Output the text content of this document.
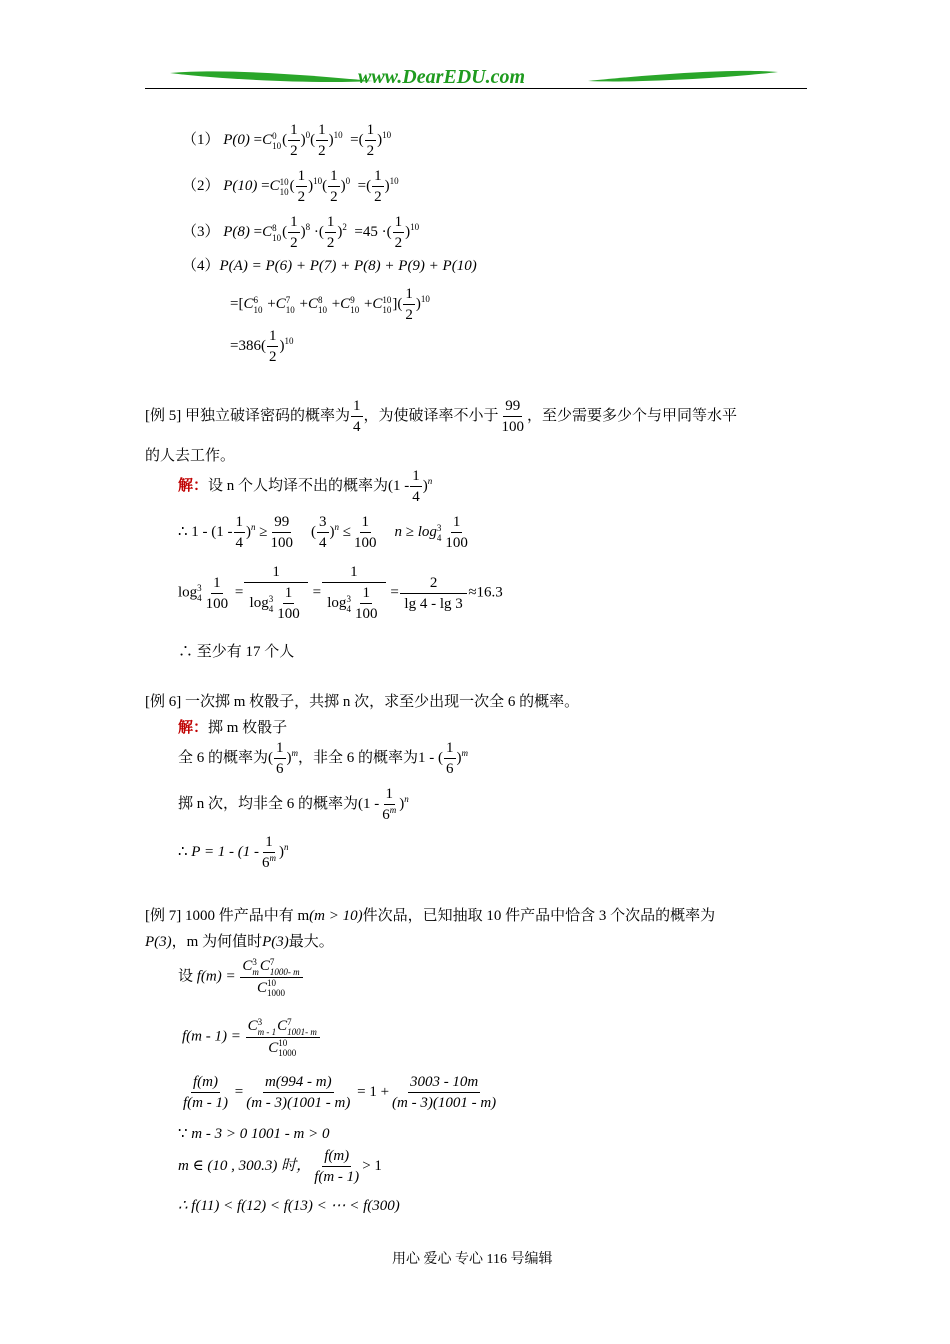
www.DearEDU.com
（1） P(0) =C 0
10 ( $\frac{1}{2} )^0( \frac{1}{2} )^{10}$ =( $\frac{1}{2} )^{10}$
（2） P(10) =C 10
10 ( $\frac{1}{2} )^{10}( \frac{1}{2} )^0$ =( $\frac{1}{2} )^{10}$
（3） P(8) =C 8
10 ( $\frac{1}{2} )^8$ ·( $\frac{1}{2} )^2 =45$ ·( $\frac{1}{2} )^{10}$
（4）P(A) = P(6) + P(7) + P(8) + P(9) + P(10)
=[C 6
10 +C 7
10 +C 8
10 +C 9
10 +C 10
10 ]( $\frac{1}{2} )^{10}$
$=386( \frac{1}{2} )^{10}$
[例 5] 甲独立破译密码的概率为 $\frac{1}{4}$ ，为使破译率不小于 $\frac{99}{100}$ ，至少需要多少个与甲同等水平
的人去工作。
解：设 n 个人均译不出的概率为$(1 - \frac{1}{4} )^n$
∴ $1 - (1 - \frac{1}{4} )^n \ge \frac{99}{100}$ ( $\frac{3}{4} )^n \le \frac{1}{100}$ n ≥ log 3
$4 \frac{1}{100}$
log 3
$4 \frac{1}{100} = 1$
log 3
$4 \frac{1}{100} = 1$
log 3
$4 \frac{1}{100} = \frac{2}{\lg 4 - \lg 3} \approx 16.3$
∴ 至少有 17 个人
[例 6] 一次掷 m 枚骰子，共掷 n 次，求至少出现一次全 6 的概率。
解：掷 m 枚骰子
全 6 的概率为( $\frac{1}{6} )^m$，非全 6 的概率为1 - ( $\frac{1}{6} )^m$
掷 n 次，均非全 6 的概率为$(1 - \frac{1}{6^m} )^n$
∴ $P = 1 - (1 - \frac{1}{6^m} )^n$
[例 7] 1000 件产品中有 m(m > 10)件次品，已知抽取 10 件产品中恰含 3 个次品的概率为
P(3)，m 为何值时P(3)最大。
设 f(m) = C 3
m C 7
1000- m
C 10
1000
f(m - 1) = C 3
m - 1 C 7
1001- m
C 10
1000
$\frac{f(m)}{f(m - 1)} = \frac{m(994 - m)}{(m - 3)(1001 - m)} = 1 + \frac{3003 - 10m}{(m - 3)(1001 - m)}$
∵ m - 3 > 0 1001 - m > 0
m ∈ (10 , 300.3) 时， $\frac{f(m)}{f(m - 1)} > 1$
∴ f(11) < f(12) < f(13) < ⋯ < f(300)
用心 爱心 专心 116 号编辑
